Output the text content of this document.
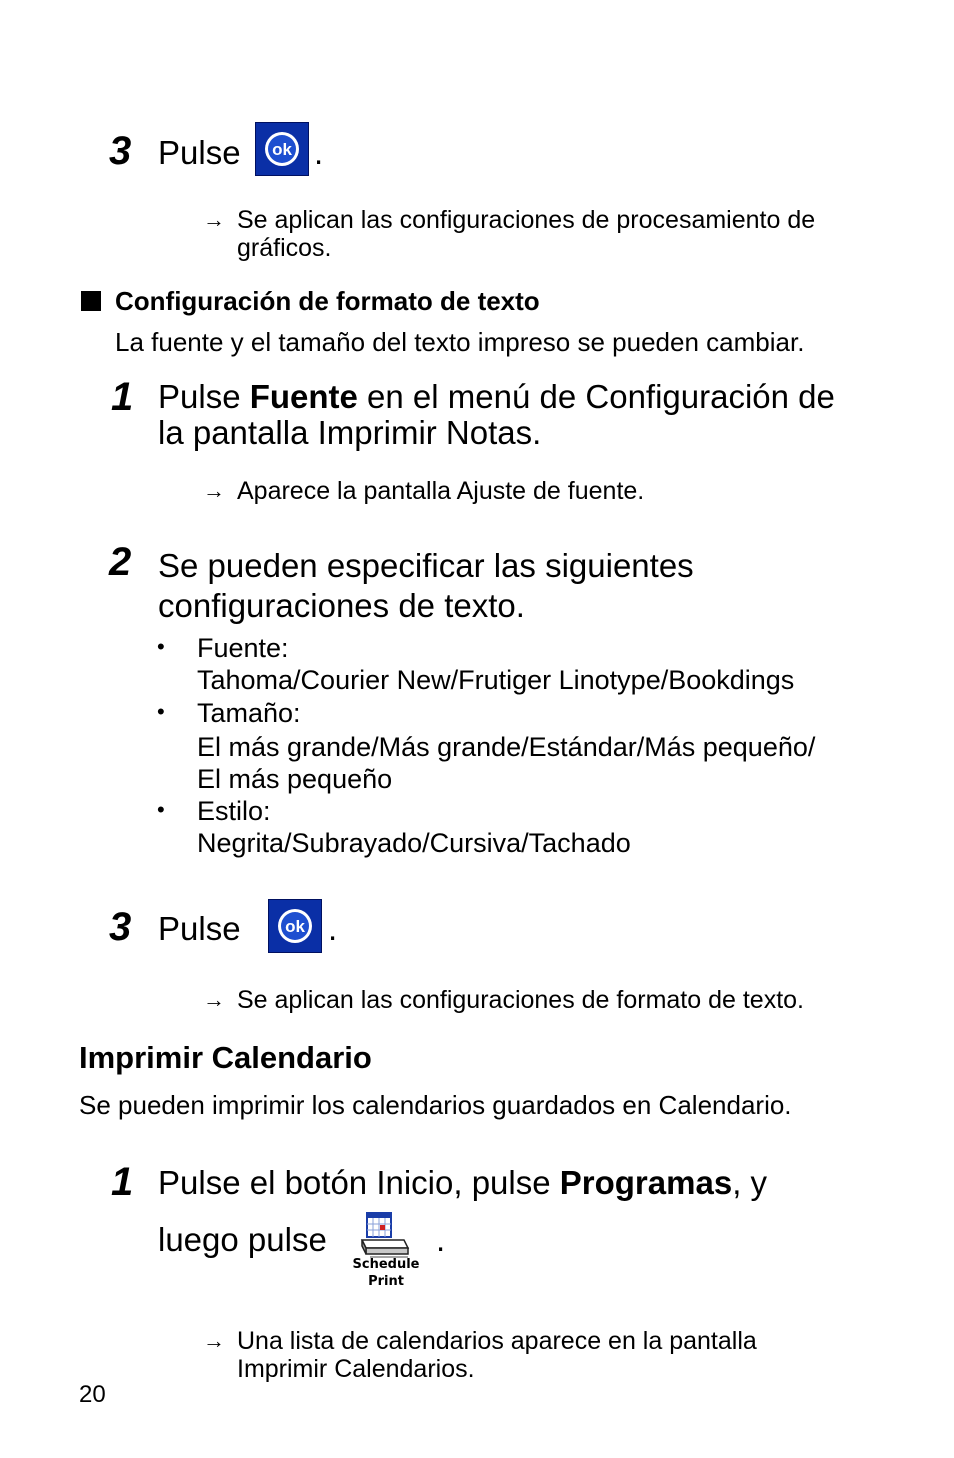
3 Pulse ok .
→ Se aplican las configuraciones de procesamiento de
gráficos.
Configuración de formato de texto
La fuente y el tamaño del texto impreso se pueden cambiar.
1 Pulse Fuente en el menú de Configuración de
la pantalla Imprimir Notas.
→ Aparece la pantalla Ajuste de fuente.
2 Se pueden especificar las siguientes
configuraciones de texto.
• Fuente:
Tahoma/Courier New/Frutiger Linotype/Bookdings
• Tamaño:
El más grande/Más grande/Estándar/Más pequeño/
El más pequeño
• Estilo:
Negrita/Subrayado/Cursiva/Tachado
3 Pulse	ok .
→ Se aplican las configuraciones de formato de texto.
Imprimir Calendario
Se pueden imprimir los calendarios guardados en Calendario.
1 Pulse el botón Inicio, pulse Programas, y
luego pulse
Schedule
Print
.
→ Una lista de calendarios aparece en la pantalla
Imprimir Calendarios.
20
